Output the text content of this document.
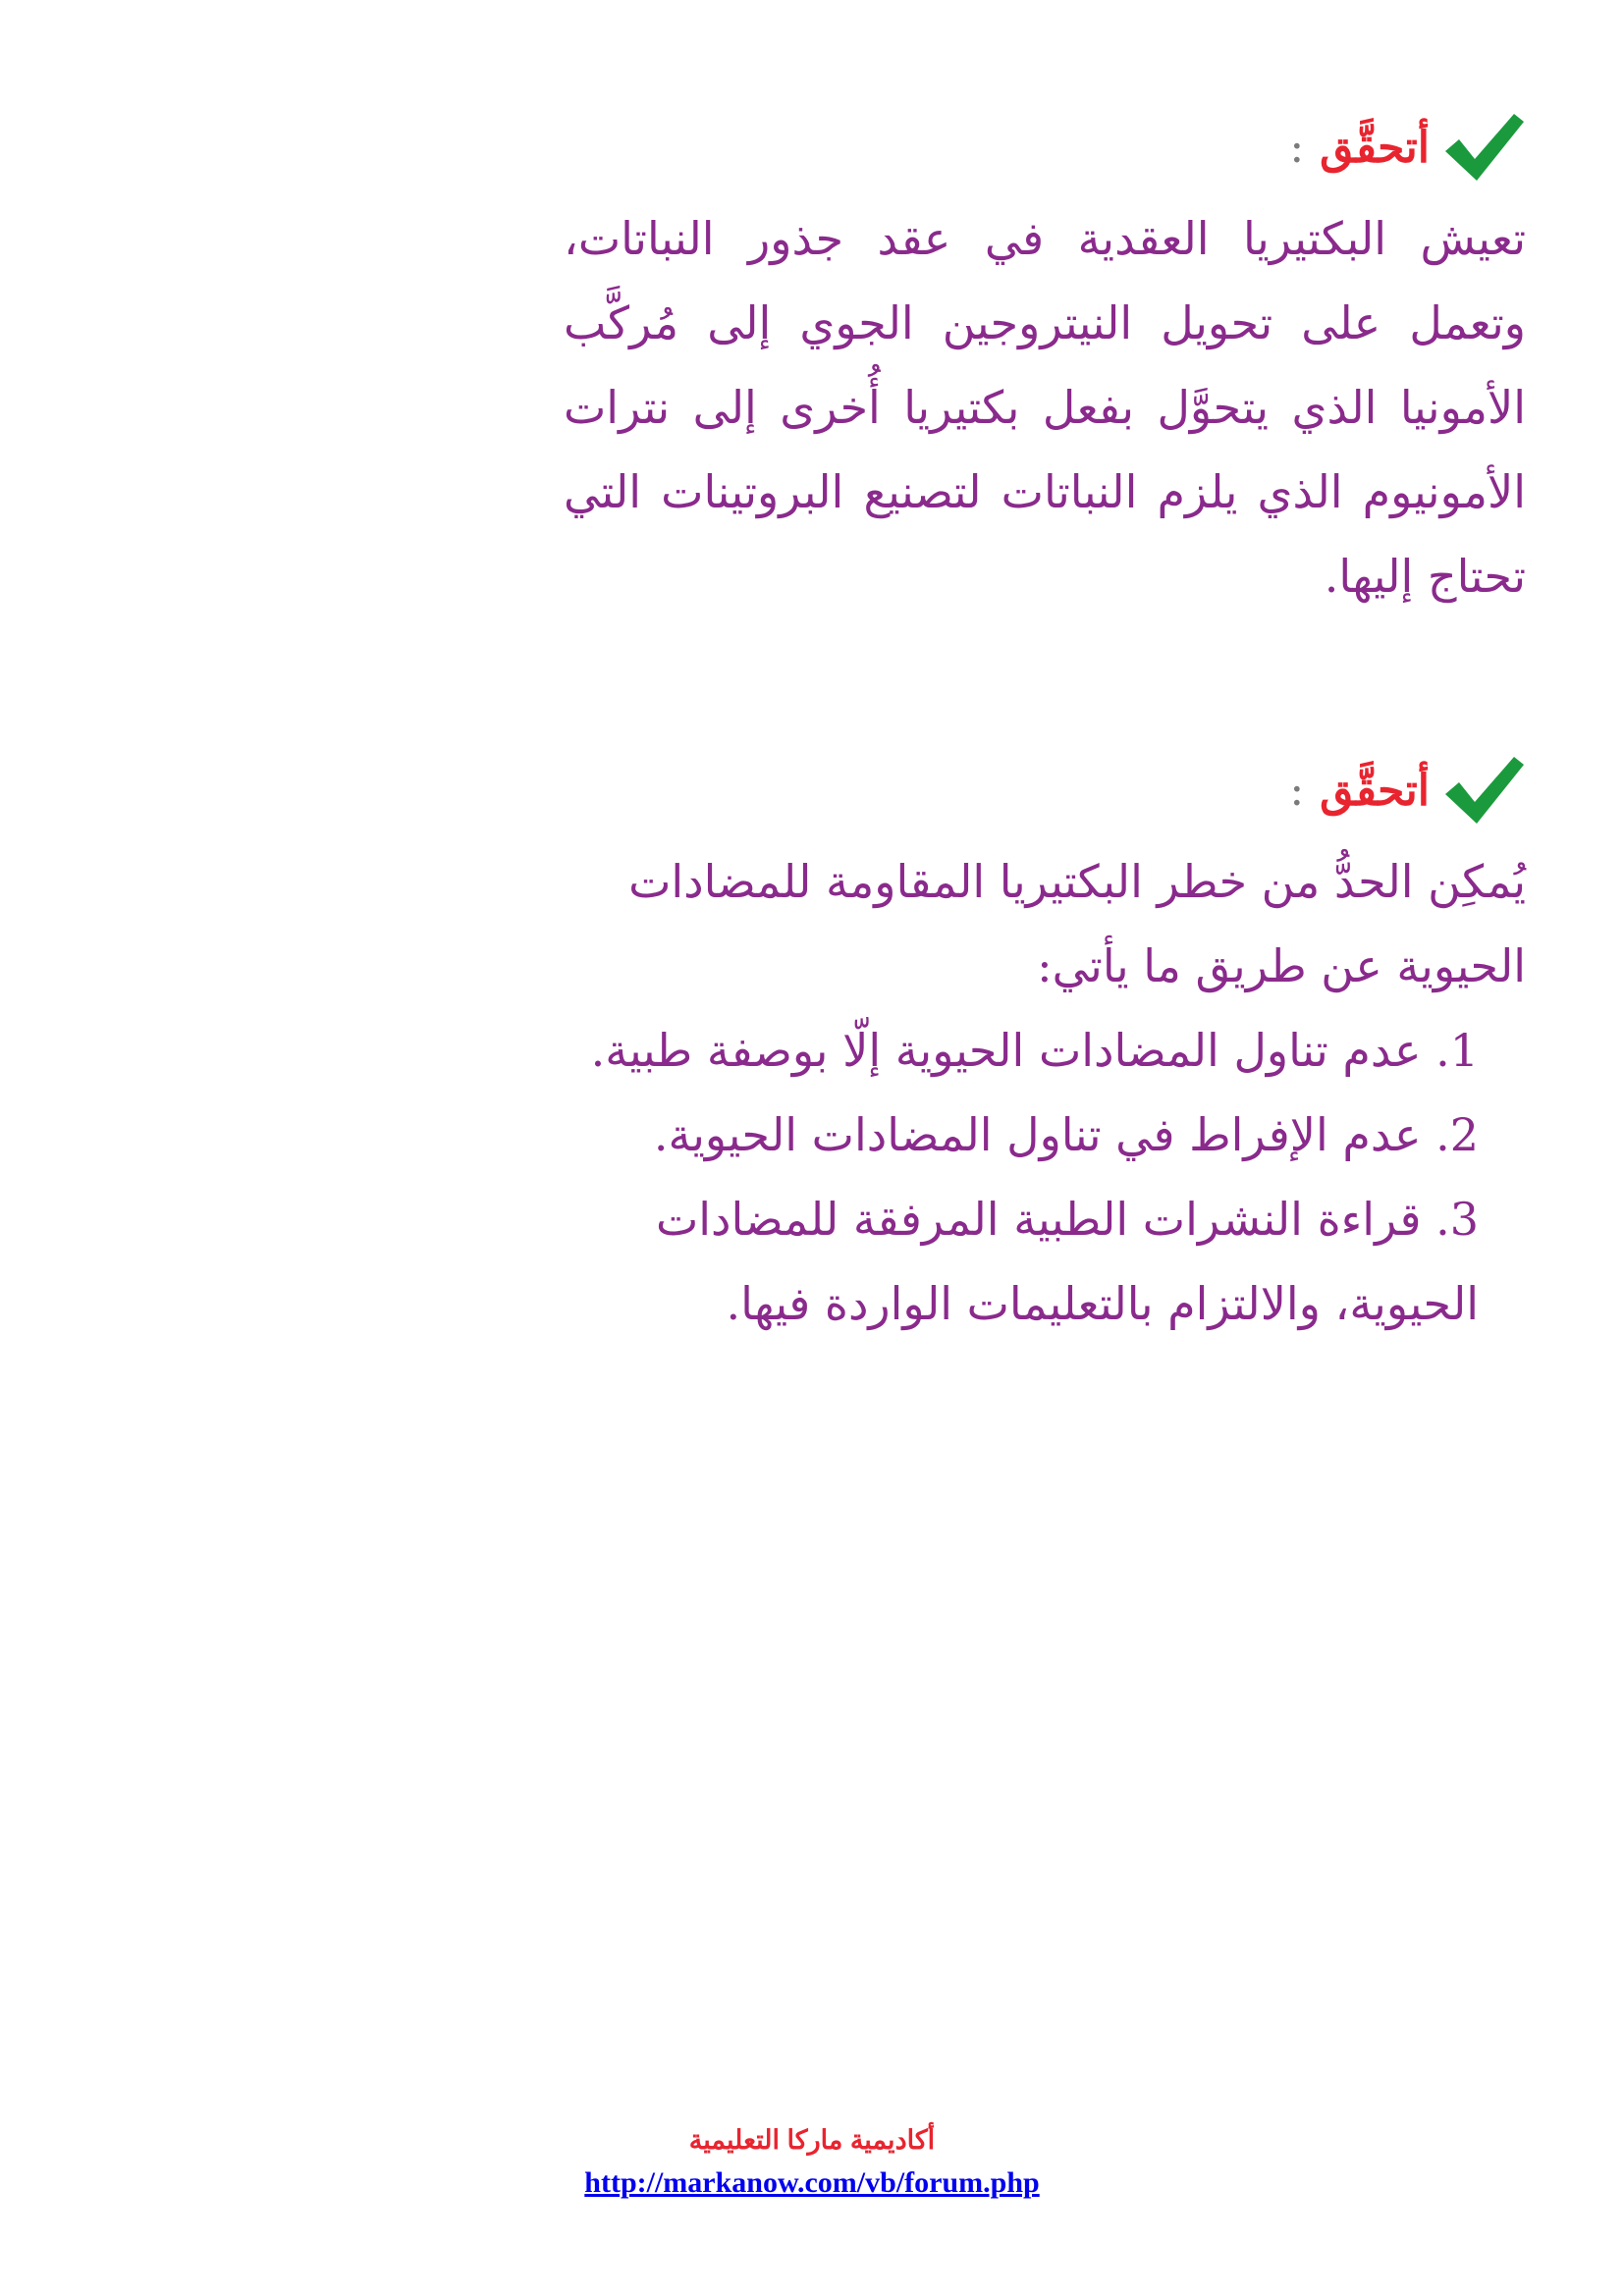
أتحقَّق
:

تعيش البكتيريا العقدية في عقد جذور النباتات، وتعمل على تحويل النيتروجين الجوي إلى مُركَّب الأمونيا الذي يتحوَّل بفعل بكتيريا أُخرى إلى نترات الأمونيوم الذي يلزم النباتات لتصنيع البروتينات التي تحتاج إليها.

أتحقَّق
:

يُمكِن الحدُّ من خطر البكتيريا المقاومة للمضادات الحيوية عن طريق ما يأتي:

1. عدم تناول المضادات الحيوية إلّا بوصفة طبية.
2. عدم الإفراط في تناول المضادات الحيوية.
3. قراءة النشرات الطبية المرفقة للمضادات الحيوية، والالتزام بالتعليمات الواردة فيها.
أكاديمية ماركا التعليمية
http://markanow.com/vb/forum.php
